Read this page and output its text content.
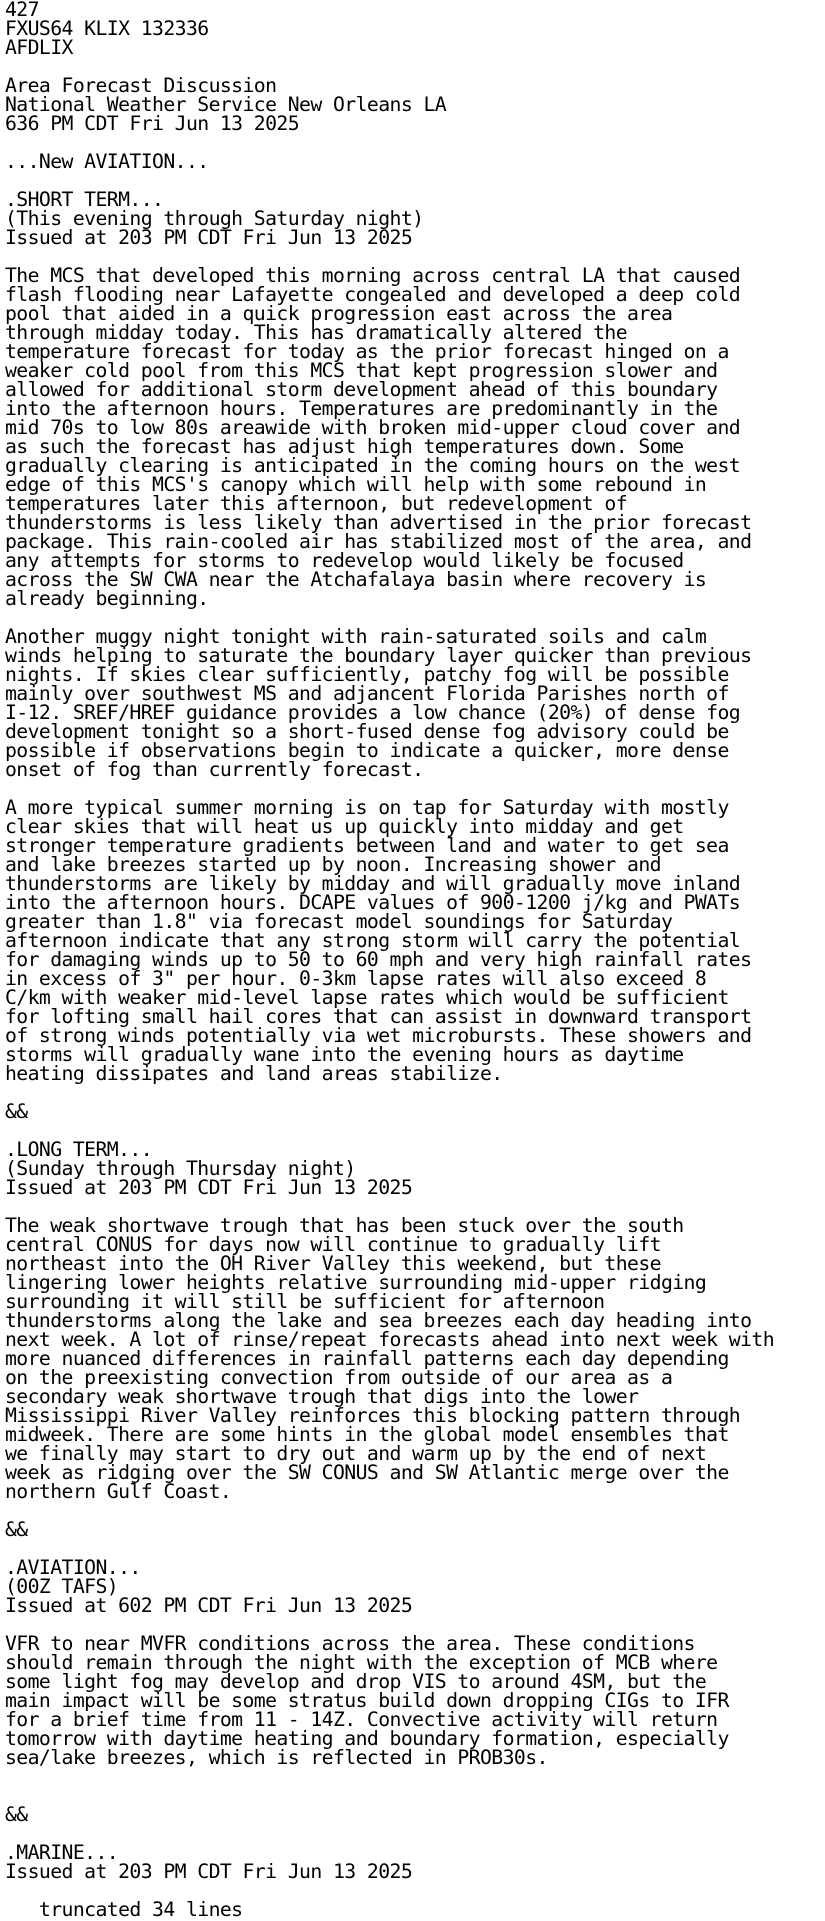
427
FXUS64 KLIX 132336
AFDLIX

Area Forecast Discussion
National Weather Service New Orleans LA
636 PM CDT Fri Jun 13 2025

...New AVIATION...

.SHORT TERM...
(This evening through Saturday night)
Issued at 203 PM CDT Fri Jun 13 2025

The MCS that developed this morning across central LA that caused
flash flooding near Lafayette congealed and developed a deep cold
pool that aided in a quick progression east across the area
through midday today. This has dramatically altered the
temperature forecast for today as the prior forecast hinged on a
weaker cold pool from this MCS that kept progression slower and
allowed for additional storm development ahead of this boundary
into the afternoon hours. Temperatures are predominantly in the
mid 70s to low 80s areawide with broken mid-upper cloud cover and
as such the forecast has adjust high temperatures down. Some
gradually clearing is anticipated in the coming hours on the west
edge of this MCS's canopy which will help with some rebound in
temperatures later this afternoon, but redevelopment of
thunderstorms is less likely than advertised in the prior forecast
package. This rain-cooled air has stabilized most of the area, and
any attempts for storms to redevelop would likely be focused
across the SW CWA near the Atchafalaya basin where recovery is
already beginning.

Another muggy night tonight with rain-saturated soils and calm
winds helping to saturate the boundary layer quicker than previous
nights. If skies clear sufficiently, patchy fog will be possible
mainly over southwest MS and adjancent Florida Parishes north of
I-12. SREF/HREF guidance provides a low chance (20%) of dense fog
development tonight so a short-fused dense fog advisory could be
possible if observations begin to indicate a quicker, more dense
onset of fog than currently forecast.

A more typical summer morning is on tap for Saturday with mostly
clear skies that will heat us up quickly into midday and get
stronger temperature gradients between land and water to get sea
and lake breezes started up by noon. Increasing shower and
thunderstorms are likely by midday and will gradually move inland
into the afternoon hours. DCAPE values of 900-1200 j/kg and PWATs
greater than 1.8" via forecast model soundings for Saturday
afternoon indicate that any strong storm will carry the potential
for damaging winds up to 50 to 60 mph and very high rainfall rates
in excess of 3" per hour. 0-3km lapse rates will also exceed 8
C/km with weaker mid-level lapse rates which would be sufficient
for lofting small hail cores that can assist in downward transport
of strong winds potentially via wet microbursts. These showers and
storms will gradually wane into the evening hours as daytime
heating dissipates and land areas stabilize.

&&

.LONG TERM...
(Sunday through Thursday night)
Issued at 203 PM CDT Fri Jun 13 2025

The weak shortwave trough that has been stuck over the south
central CONUS for days now will continue to gradually lift
northeast into the OH River Valley this weekend, but these
lingering lower heights relative surrounding mid-upper ridging
surrounding it will still be sufficient for afternoon
thunderstorms along the lake and sea breezes each day heading into
next week. A lot of rinse/repeat forecasts ahead into next week with
more nuanced differences in rainfall patterns each day depending
on the preexisting convection from outside of our area as a
secondary weak shortwave trough that digs into the lower
Mississippi River Valley reinforces this blocking pattern through
midweek. There are some hints in the global model ensembles that
we finally may start to dry out and warm up by the end of next
week as ridging over the SW CONUS and SW Atlantic merge over the
northern Gulf Coast.

&&

.AVIATION...
(00Z TAFS)
Issued at 602 PM CDT Fri Jun 13 2025

VFR to near MVFR conditions across the area. These conditions
should remain through the night with the exception of MCB where
some light fog may develop and drop VIS to around 4SM, but the
main impact will be some stratus build down dropping CIGs to IFR
for a brief time from 11 - 14Z. Convective activity will return
tomorrow with daytime heating and boundary formation, especially
sea/lake breezes, which is reflected in PROB30s.

&&

.MARINE...
Issued at 203 PM CDT Fri Jun 13 2025

truncated 34 lines
